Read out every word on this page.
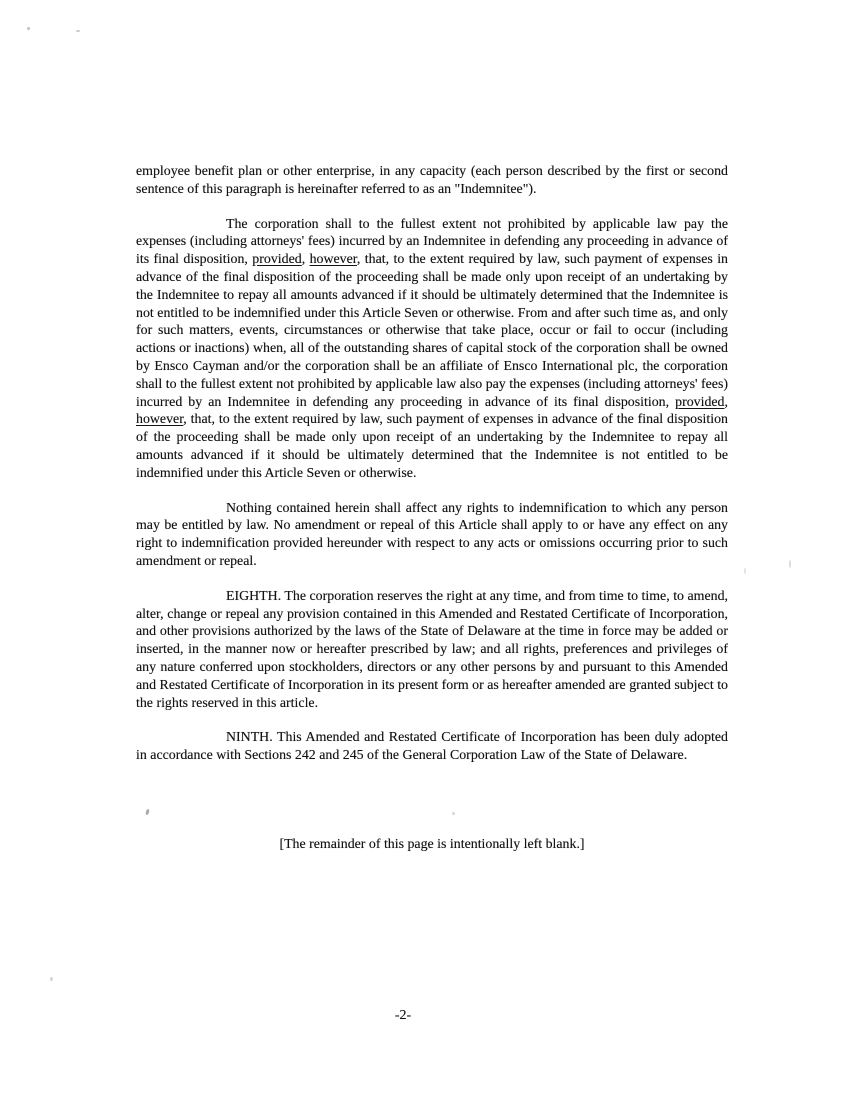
employee benefit plan or other enterprise, in any capacity (each person described by the first or second sentence of this paragraph is hereinafter referred to as an "Indemnitee").

The corporation shall to the fullest extent not prohibited by applicable law pay the expenses (including attorneys' fees) incurred by an Indemnitee in defending any proceeding in advance of its final disposition, provided, however, that, to the extent required by law, such payment of expenses in advance of the final disposition of the proceeding shall be made only upon receipt of an undertaking by the Indemnitee to repay all amounts advanced if it should be ultimately determined that the Indemnitee is not entitled to be indemnified under this Article Seven or otherwise. From and after such time as, and only for such matters, events, circumstances or otherwise that take place, occur or fail to occur (including actions or inactions) when, all of the outstanding shares of capital stock of the corporation shall be owned by Ensco Cayman and/or the corporation shall be an affiliate of Ensco International plc, the corporation shall to the fullest extent not prohibited by applicable law also pay the expenses (including attorneys' fees) incurred by an Indemnitee in defending any proceeding in advance of its final disposition, provided, however, that, to the extent required by law, such payment of expenses in advance of the final disposition of the proceeding shall be made only upon receipt of an undertaking by the Indemnitee to repay all amounts advanced if it should be ultimately determined that the Indemnitee is not entitled to be indemnified under this Article Seven or otherwise.

Nothing contained herein shall affect any rights to indemnification to which any person may be entitled by law. No amendment or repeal of this Article shall apply to or have any effect on any right to indemnification provided hereunder with respect to any acts or omissions occurring prior to such amendment or repeal.

EIGHTH. The corporation reserves the right at any time, and from time to time, to amend, alter, change or repeal any provision contained in this Amended and Restated Certificate of Incorporation, and other provisions authorized by the laws of the State of Delaware at the time in force may be added or inserted, in the manner now or hereafter prescribed by law; and all rights, preferences and privileges of any nature conferred upon stockholders, directors or any other persons by and pursuant to this Amended and Restated Certificate of Incorporation in its present form or as hereafter amended are granted subject to the rights reserved in this article.

NINTH. This Amended and Restated Certificate of Incorporation has been duly adopted in accordance with Sections 242 and 245 of the General Corporation Law of the State of Delaware.

[The remainder of this page is intentionally left blank.]
-2-
